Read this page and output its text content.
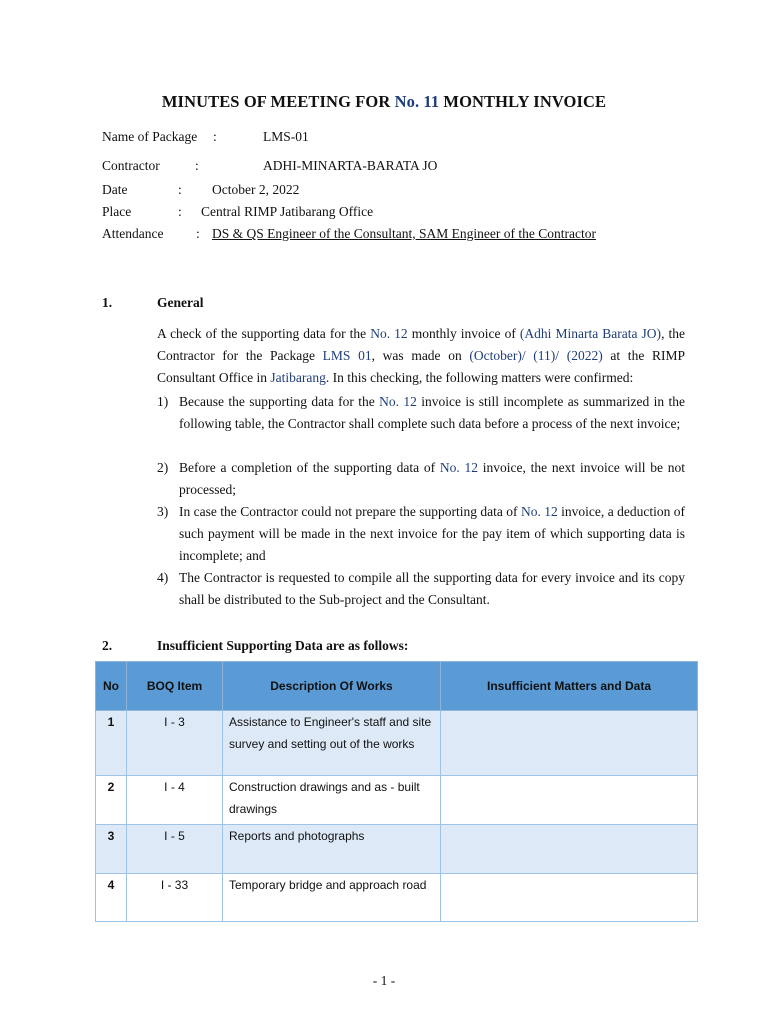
MINUTES OF MEETING FOR No. 11 MONTHLY INVOICE
Name of Package :	LMS-01
Contractor	:	ADHI-MINARTA-BARATA JO
Date	: October 2, 2022
Place	: Central RIMP Jatibarang Office
Attendance : DS & QS Engineer of the Consultant, SAM Engineer of the Contractor
1.	General

A check of the supporting data for the No. 12 monthly invoice of (Adhi Minarta Barata JO), the Contractor for the Package LMS 01, was made on (October)/ (11)/ (2022) at the RIMP Consultant Office in Jatibarang. In this checking, the following matters were confirmed:

1) Because the supporting data for the No. 12 invoice is still incomplete as summarized in the following table, the Contractor shall complete such data before a process of the next invoice;
2) Before a completion of the supporting data of No. 12 invoice, the next invoice will be not processed;
3) In case the Contractor could not prepare the supporting data of No. 12 invoice, a deduction of such payment will be made in the next invoice for the pay item of which supporting data is incomplete; and
4) The Contractor is requested to compile all the supporting data for every invoice and its copy shall be distributed to the Sub-project and the Consultant.
2.	Insufficient Supporting Data are as follows:
No	BOQ Item	Description Of Works	Insufficient Matters and Data
1	I - 3	Assistance to Engineer's staff and site survey and setting out of the works	
2	I - 4	Construction drawings and as - built drawings	
3	I - 5	Reports and photographs	
4	I - 33	Temporary bridge and approach road	
- 1 -
